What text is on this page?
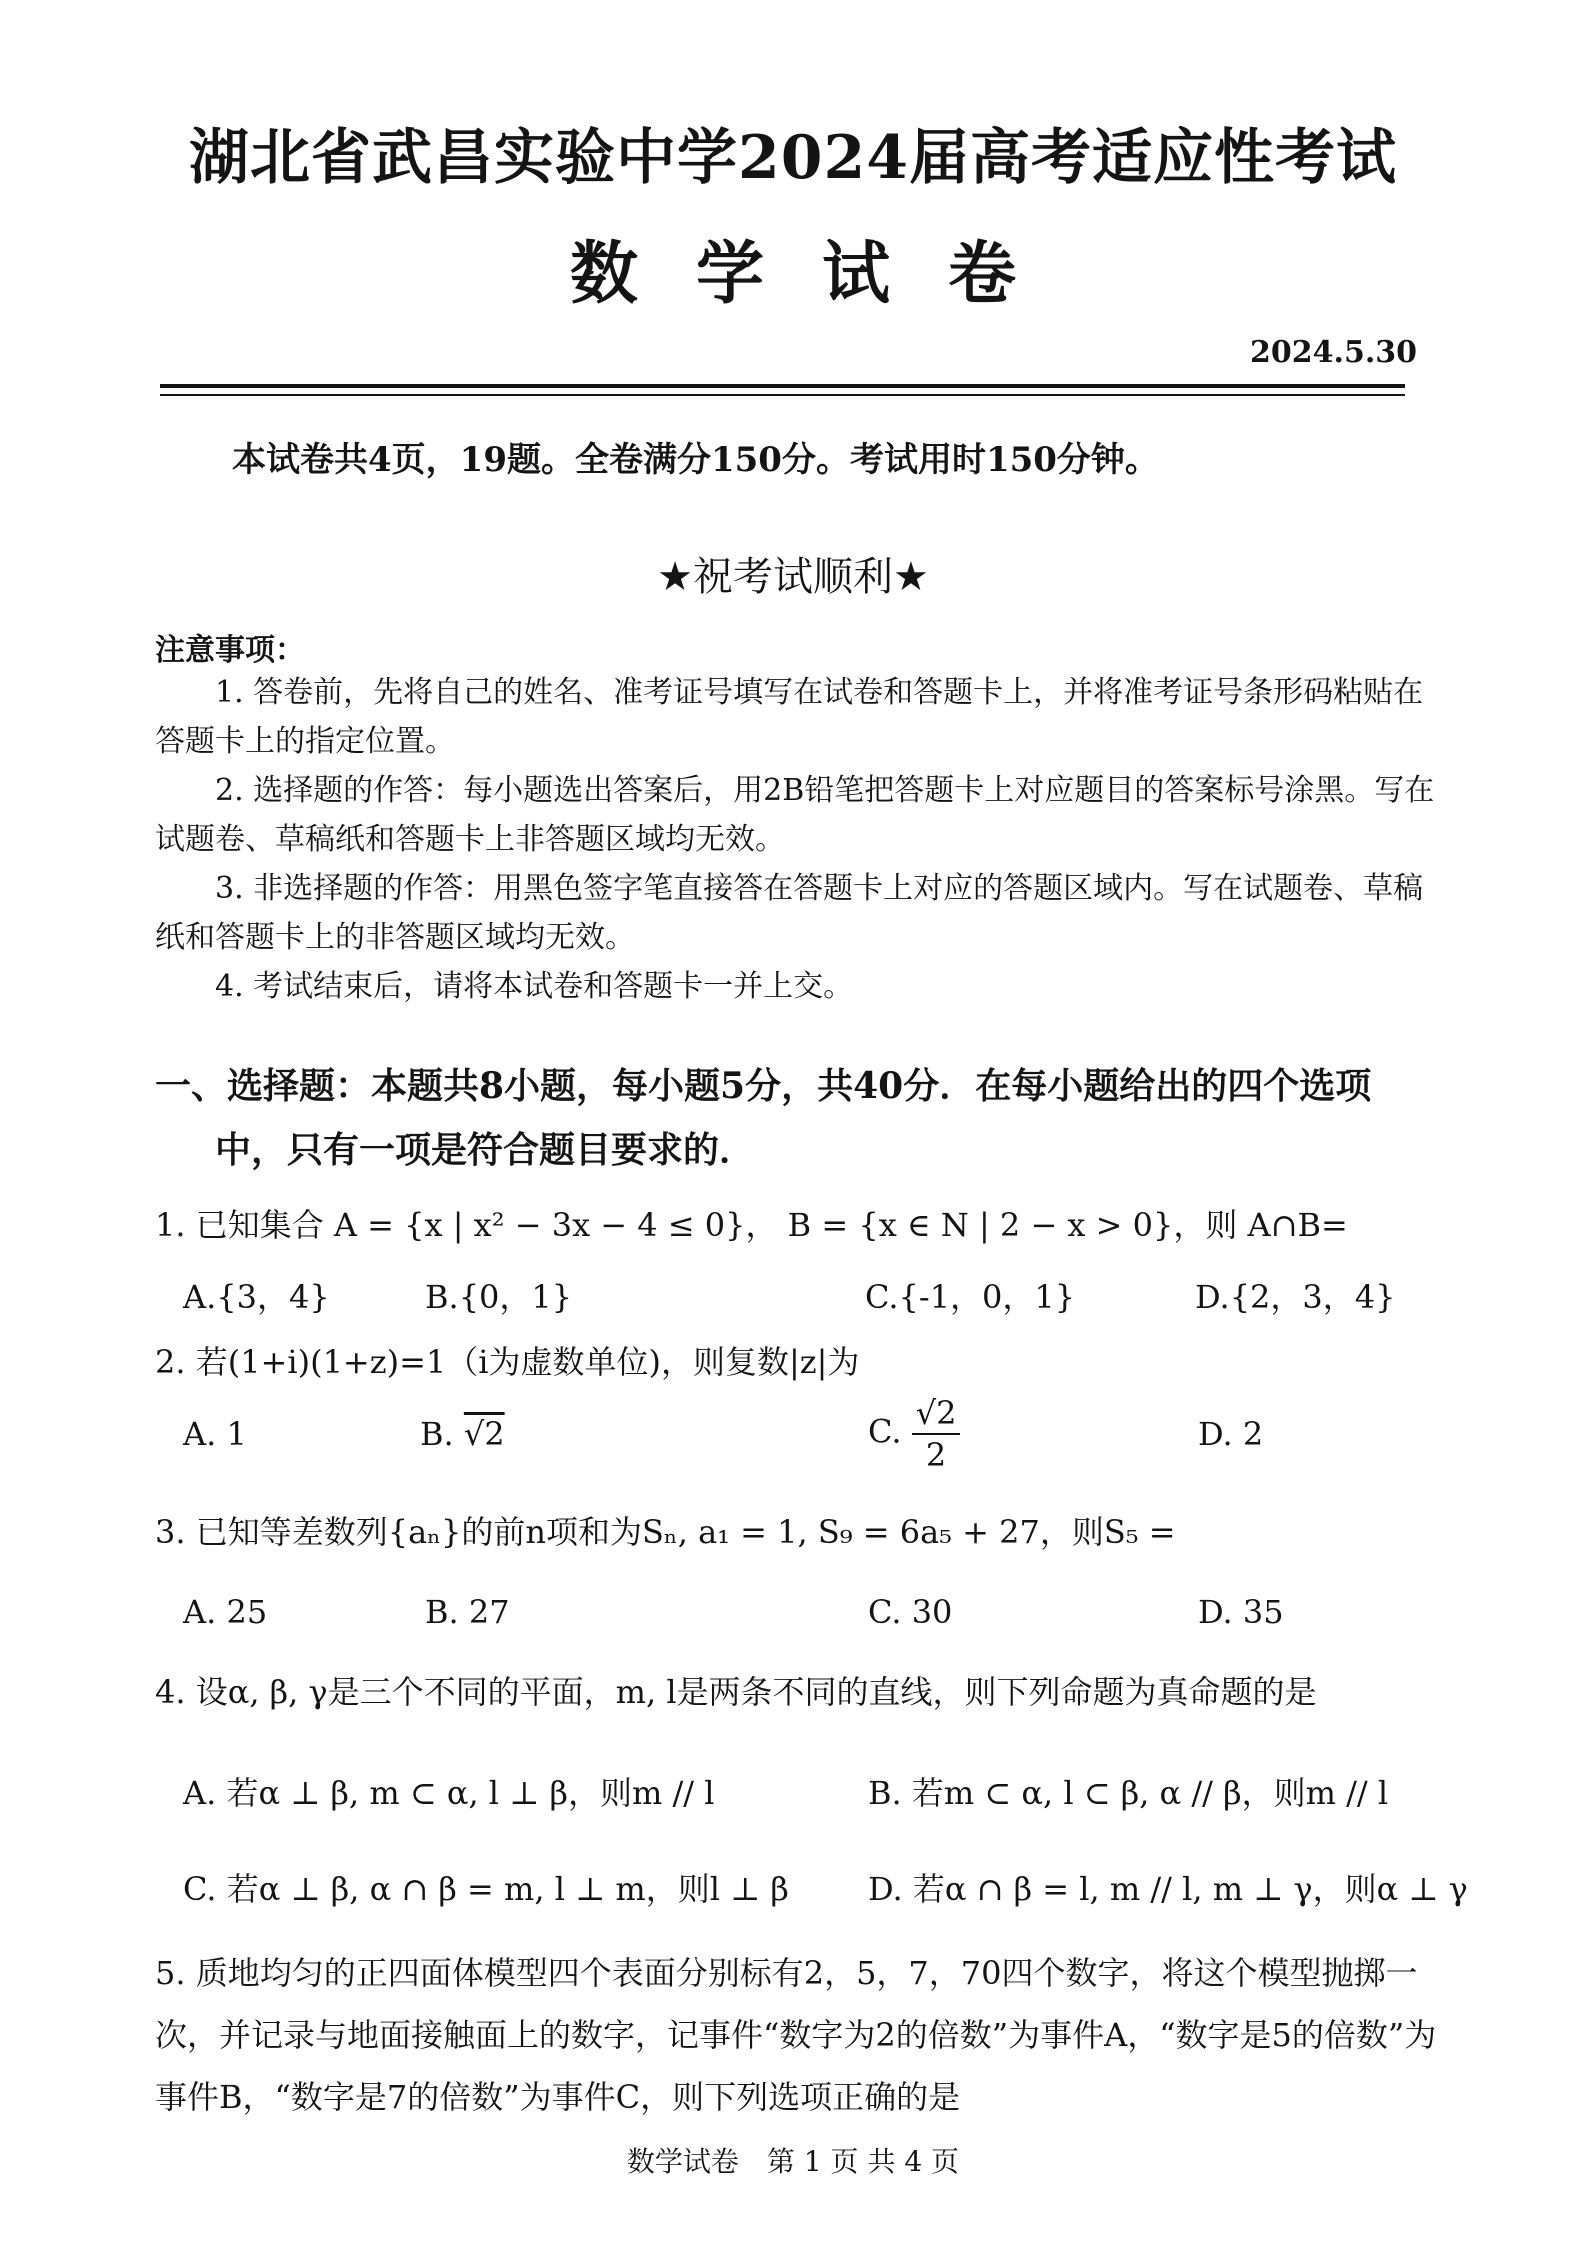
湖北省武昌实验中学2024届高考适应性考试
数学试卷
2024.5.30
本试卷共4页，19题。全卷满分150分。考试用时150分钟。
★祝考试顺利★
注意事项：
1. 答卷前，先将自己的姓名、准考证号填写在试卷和答题卡上，并将准考证号条形码粘贴在答题卡上的指定位置。
2. 选择题的作答：每小题选出答案后，用2B铅笔把答题卡上对应题目的答案标号涂黑。写在试题卷、草稿纸和答题卡上非答题区域均无效。
3. 非选择题的作答：用黑色签字笔直接答在答题卡上对应的答题区域内。写在试题卷、草稿纸和答题卡上的非答题区域均无效。
4. 考试结束后，请将本试卷和答题卡一并上交。
一、选择题：本题共8小题，每小题5分，共40分．在每小题给出的四个选项
中，只有一项是符合题目要求的．
1. 已知集合 A = {x | x² − 3x − 4 ≤ 0}， B = {x ∈ N | 2 − x > 0}，则 A∩B=
A.{3，4}	B.{0，1}	C.{-1，0，1}	D.{2，3，4}
2. 若(1+i)(1+z)=1（i为虚数单位)，则复数|z|为
A. 1	B. √2	C. $\frac{√2}{2}$	D. 2
3. 已知等差数列{aₙ}的前n项和为Sₙ, a₁ = 1, S₉ = 6a₅ + 27，则S₅ =
A. 25	B. 27	C. 30	D. 35
4. 设α, β, γ是三个不同的平面，m, l是两条不同的直线，则下列命题为真命题的是
A. 若α ⊥ β, m ⊂ α, l ⊥ β，则m // l	B. 若m ⊂ α, l ⊂ β, α // β，则m // l
C. 若α ⊥ β, α ∩ β = m, l ⊥ m，则l ⊥ β D. 若α ∩ β = l, m // l, m ⊥ γ，则α ⊥ γ
5. 质地均匀的正四面体模型四个表面分别标有2，5，7，70四个数字，将这个模型抛掷一次，并记录与地面接触面上的数字，记事件“数字为2的倍数”为事件A，“数字是5的倍数”为事件B，“数字是7的倍数”为事件C，则下列选项正确的是
数学试卷　第 1 页 共 4 页
